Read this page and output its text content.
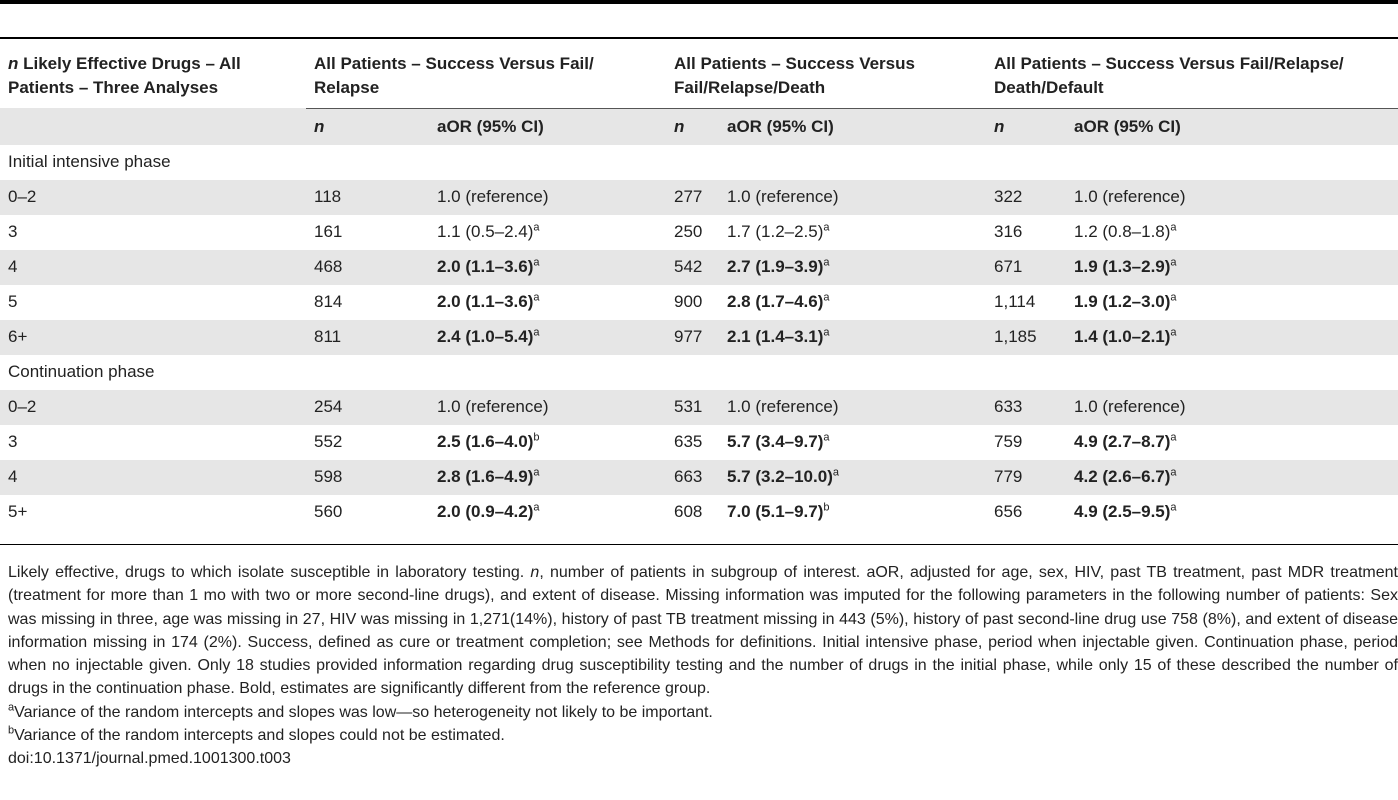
n Likely Effective Drugs – All Patients – Three Analyses	All Patients – Success Versus Fail/ Relapse		All Patients – Success Versus Fail/Relapse/Death		All Patients – Success Versus Fail/Relapse/ Death/Default	
	n	aOR (95% CI)	n	aOR (95% CI)	n	aOR (95% CI)
Initial intensive phase						
0–2	118	1.0 (reference)	277	1.0 (reference)	322	1.0 (reference)
3	161	1.1 $(0.5-2.4)^a$	250	1.7 $(1.2-2.5)^a$	316	1.2 $(0.8-1.8)^a$
4	468	2.0 $(1.1-3.6)^a$	542	2.7 $(1.9-3.9)^a$	671	1.9 $(1.3-2.9)^a$
5	814	2.0 $(1.1-3.6)^a$	900	2.8 $(1.7-4.6)^a$	1,114	1.9 $(1.2-3.0)^a$
6+	811	2.4 $(1.0-5.4)^a$	977	2.1 $(1.4-3.1)^a$	1,185	1.4 $(1.0-2.1)^a$
Continuation phase						
0–2	254	1.0 (reference)	531	1.0 (reference)	633	1.0 (reference)
3	552	2.5 $(1.6-4.0)^b$	635	5.7 $(3.4-9.7)^a$	759	4.9 $(2.7-8.7)^a$
4	598	2.8 $(1.6-4.9)^a$	663	5.7 $(3.2-10.0)^a$	779	4.2 $(2.6-6.7)^a$
5+	560	2.0 $(0.9-4.2)^a$	608	7.0 $(5.1-9.7)^b$	656	4.9 $(2.5-9.5)^a$

Likely effective, drugs to which isolate susceptible in laboratory testing. n, number of patients in subgroup of interest. aOR, adjusted for age, sex, HIV, past TB treatment, past MDR treatment (treatment for more than 1 mo with two or more second-line drugs), and extent of disease. Missing information was imputed for the following parameters in the following number of patients: Sex was missing in three, age was missing in 27, HIV was missing in 1,271(14%), history of past TB treatment missing in 443 (5%), history of past second-line drug use 758 (8%), and extent of disease information missing in 174 (2%). Success, defined as cure or treatment completion; see Methods for definitions. Initial intensive phase, period when injectable given. Continuation phase, period when no injectable given. Only 18 studies provided information regarding drug susceptibility testing and the number of drugs in the initial phase, while only 15 of these described the number of drugs in the continuation phase. Bold, estimates are significantly different from the reference group.

$^a$Variance of the random intercepts and slopes was low—so heterogeneity not likely to be important.

$^b$Variance of the random intercepts and slopes could not be estimated.

doi:10.1371/journal.pmed.1001300.t003
